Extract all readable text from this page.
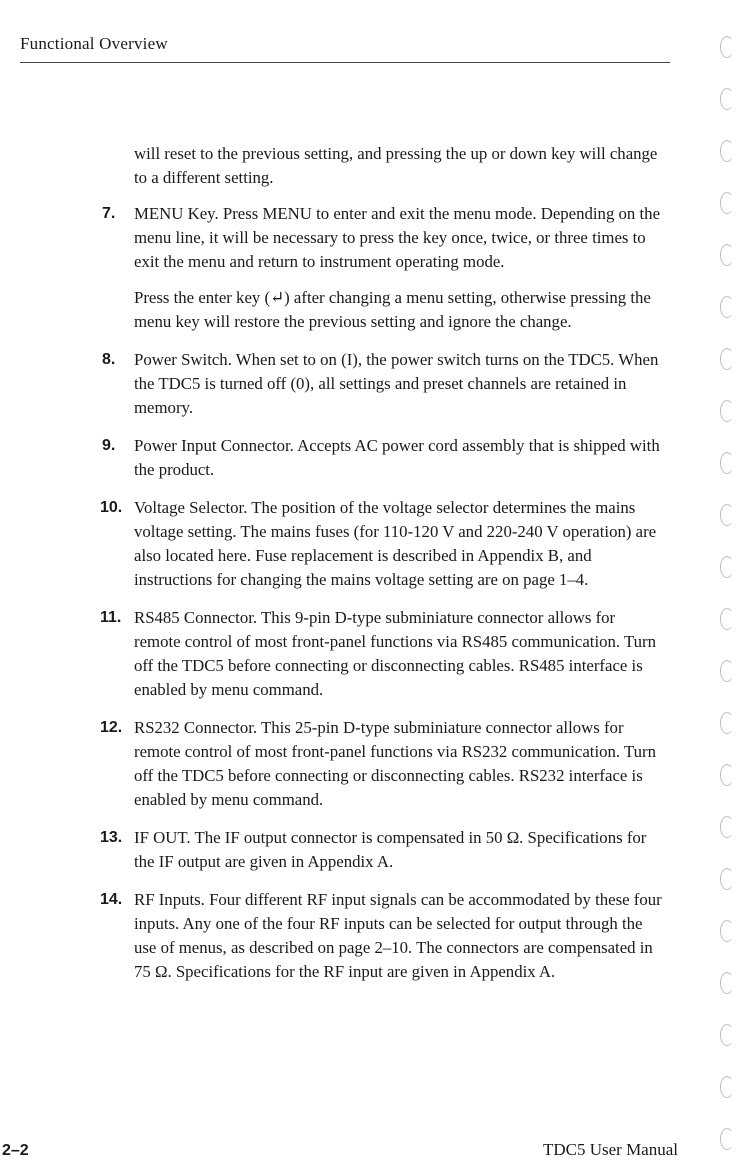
Functional Overview

will reset to the previous setting, and pressing the up or down key will change to a different setting.

7.	MENU Key. Press MENU to enter and exit the menu mode. Depending on the menu line, it will be necessary to press the key once, twice, or three times to exit the menu and return to instrument operating mode.

Press the enter key (↵) after changing a menu setting, otherwise pressing the menu key will restore the previous setting and ignore the change.

8.	Power Switch. When set to on (I), the power switch turns on the TDC5. When the TDC5 is turned off (0), all settings and preset channels are retained in memory.

9.	Power Input Connector. Accepts AC power cord assembly that is shipped with the product.

10. Voltage Selector. The position of the voltage selector determines the mains voltage setting. The mains fuses (for 110-120 V and 220-240 V operation) are also located here. Fuse replacement is described in Appendix B, and instructions for changing the mains voltage setting are on page 1–4.

11. RS485 Connector. This 9-pin D-type subminiature connector allows for remote control of most front-panel functions via RS485 communication. Turn off the TDC5 before connecting or disconnecting cables. RS485 interface is enabled by menu command.

12. RS232 Connector. This 25-pin D-type subminiature connector allows for remote control of most front-panel functions via RS232 communication. Turn off the TDC5 before connecting or disconnecting cables. RS232 interface is enabled by menu command.

13. IF OUT. The IF output connector is compensated in 50 Ω. Specifications for the IF output are given in Appendix A.

14. RF Inputs. Four different RF input signals can be accommodated by these four inputs. Any one of the four RF inputs can be selected for output through the use of menus, as described on page 2–10. The connectors are compensated in 75 Ω. Specifications for the RF input are given in Appendix A.

2–2	TDC5 User Manual
